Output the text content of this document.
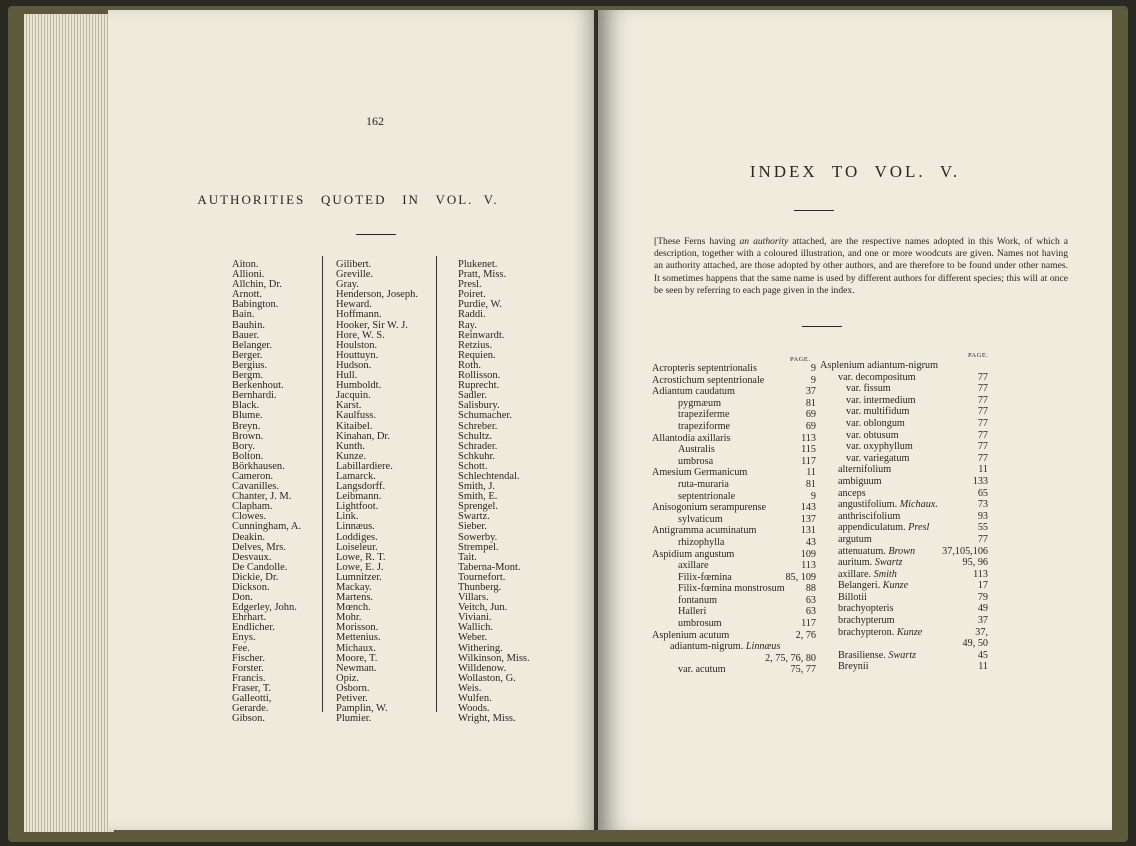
162
AUTHORITIES   QUOTED   IN   VOL.  V.
Aiton.
Allioni.
Allchin, Dr.
Arnott.
Babington.
Bain.
Bauhin.
Bauer.
Belanger.
Berger.
Bergius.
Bergm.
Berkenhout.
Bernhardi.
Black.
Blume.
Breyn.
Brown.
Bory.
Bolton.
Börkhausen.
Cameron.
Cavanilles.
Chanter, J. M.
Clapham.
Clowes.
Cunningham, A.
Deakin.
Delves, Mrs.
Desvaux.
De Candolle.
Dickie, Dr.
Dickson.
Don.
Edgerley, John.
Ehrhart.
Endlicher.
Enys.
Fee.
Fischer.
Forster.
Francis.
Fraser, T.
Galleotti,
Gerarde.
Gibson.
Gilibert.
Greville.
Gray.
Henderson, Joseph.
Heward.
Hoffmann.
Hooker, Sir W. J.
Hore, W. S.
Houlston.
Houttuyn.
Hudson.
Hull.
Humboldt.
Jacquin.
Karst.
Kaulfuss.
Kitaibel.
Kinahan, Dr.
Kunth.
Kunze.
Labillardiere.
Lamarck.
Langsdorff.
Leibmann.
Lightfoot.
Link.
Linnæus.
Loddiges.
Loiseleur.
Lowe, R. T.
Lowe, E. J.
Lumnitzer.
Mackay.
Martens.
Mœnch.
Mohr.
Morisson.
Mettenius.
Michaux.
Moore, T.
Newman.
Opiz.
Osborn.
Petiver.
Pamplin, W.
Plumier.
Plukenet.
Pratt, Miss.
Presl.
Poiret.
Purdie, W.
Raddi.
Ray.
Reinwardt.
Retzius.
Requien.
Roth.
Rollisson.
Ruprecht.
Sadler.
Salisbury.
Schumacher.
Schreber.
Schultz.
Schrader.
Schkuhr.
Schott.
Schlechtendal.
Smith, J.
Smith, E.
Sprengel.
Swartz.
Sieber.
Sowerby.
Strempel.
Tait.
Taberna-Mont.
Tournefort.
Thunberg.
Villars.
Veitch, Jun.
Viviani.
Wallich.
Weber.
Withering.
Wilkinson, Miss.
Willdenow.
Wollaston, G.
Weis.
Wulfen.
Woods.
Wright, Miss.
INDEX  TO  VOL.  V.
[These Ferns having an authority attached, are the respective names adopted in this Work, of which a description, together with a coloured illustration, and one or more woodcuts are given. Names not having an authority attached, are those adopted by other authors, and are therefore to be found under other names. It sometimes happens that the same name is used by different authors for different species; this will at once be seen by referring to each page given in the index.
PAGE.
PAGE.
Acropteris septentrionalis	9
Acrostichum septentrionale	9
Adiantum caudatum	37
pygmæum	81
trapeziferme	69
trapeziforme	69
Allantodia axillaris	113
Australis	115
umbrosa	117
Amesium Germanicum	11
ruta-muraria	81
septentrionale	9
Anisogonium serampurense	143
sylvaticum	137
Antigramma acuminatum	131
rhizophylla	43
Aspidium angustum	109
axillare	113
Filix-fœmina	85, 109
Filix-fœmina monstrosum	88
fontanum	63
Halleri	63
umbrosum	117
Asplenium acutum	2, 76
adiantum-nigrum. Linnæus
2, 75, 76, 80
var. acutum	75, 77
Asplenium adiantum-nigrum
var. decompositum	77
var. fissum	77
var. intermedium	77
var. multifidum	77
var. oblongum	77
var. obtusum	77
var. oxyphyllum	77
var. variegatum	77
alternifolium	11
ambiguum	133
anceps	65
angustifolium. Michaux.	73
anthriscifolium	93
appendiculatum. Presl	55
argutum	77
attenuatum. Brown	37,105,106
auritum. Swartz	95, 96
axillare. Smith	113
Belangeri. Kunze	17
Billotii	79
brachyopteris	49
brachypterum	37
brachypteron. Kunze	37,
49, 50
Brasiliense. Swartz	45
Breynii	11
